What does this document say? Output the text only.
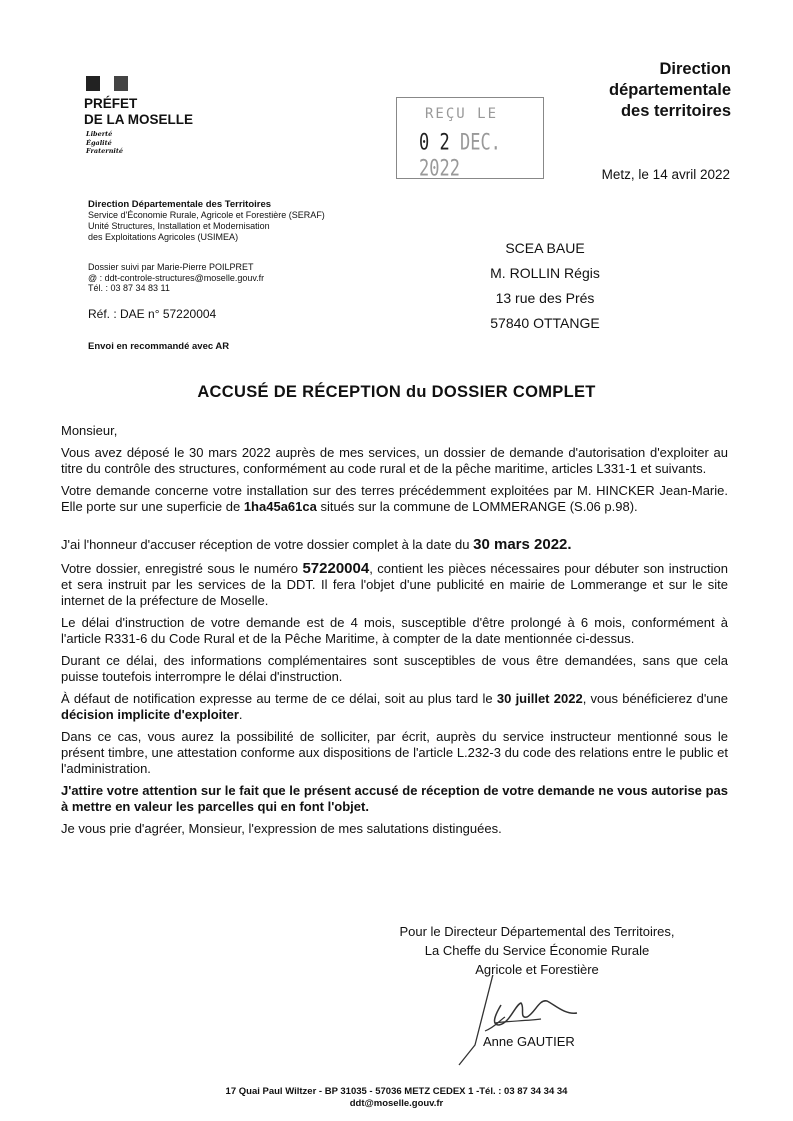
PRÉFET
DE LA MOSELLE
Liberté
Égalité
Fraternité
Direction
départementale
des territoires
REÇU LE
0 2 DEC. 2022	Metz, le 14 avril 2022
Direction Départementale des Territoires
Service d'Économie Rurale, Agricole et Forestière (SERAF)
Unité Structures, Installation et Modernisation
des Exploitations Agricoles (USIMEA)
Dossier suivi par Marie-Pierre POILPRET
@ : ddt-controle-structures@moselle.gouv.fr
Tél. : 03 87 34 83 11
Réf. : DAE n° 57220004
SCEA BAUE
M. ROLLIN Régis
13 rue des Prés
57840 OTTANGE
Envoi en recommandé avec AR
ACCUSÉ DE RÉCEPTION du DOSSIER COMPLET

Monsieur,

Vous avez déposé le 30 mars 2022 auprès de mes services, un dossier de demande d'autorisation d'exploiter au titre du contrôle des structures, conformément au code rural et de la pêche maritime, articles L331-1 et suivants.

Votre demande concerne votre installation sur des terres précédemment exploitées par M. HINCKER Jean-Marie. Elle porte sur une superficie de 1ha45a61ca situés sur la commune de LOMMERANGE (S.06 p.98).

J'ai l'honneur d'accuser réception de votre dossier complet à la date du 30 mars 2022.

Votre dossier, enregistré sous le numéro 57220004, contient les pièces nécessaires pour débuter son instruction et sera instruit par les services de la DDT. Il fera l'objet d'une publicité en mairie de Lommerange et sur le site internet de la préfecture de Moselle.

Le délai d'instruction de votre demande est de 4 mois, susceptible d'être prolongé à 6 mois, conformément à l'article R331-6 du Code Rural et de la Pêche Maritime, à compter de la date mentionnée ci-dessus.

Durant ce délai, des informations complémentaires sont susceptibles de vous être demandées, sans que cela puisse toutefois interrompre le délai d'instruction.

À défaut de notification expresse au terme de ce délai, soit au plus tard le 30 juillet 2022, vous bénéficierez d'une décision implicite d'exploiter.

Dans ce cas, vous aurez la possibilité de solliciter, par écrit, auprès du service instructeur mentionné sous le présent timbre, une attestation conforme aux dispositions de l'article L.232-3 du code des relations entre le public et l'administration.

J'attire votre attention sur le fait que le présent accusé de réception de votre demande ne vous autorise pas à mettre en valeur les parcelles qui en font l'objet.

Je vous prie d'agréer, Monsieur, l'expression de mes salutations distinguées.

Pour le Directeur Départemental des Territoires,
La Cheffe du Service Économie Rurale
Agricole et Forestière
Anne GAUTIER
17 Quai Paul Wiltzer - BP 31035 - 57036 METZ CEDEX 1 -Tél. : 03 87 34 34 34
ddt@moselle.gouv.fr
